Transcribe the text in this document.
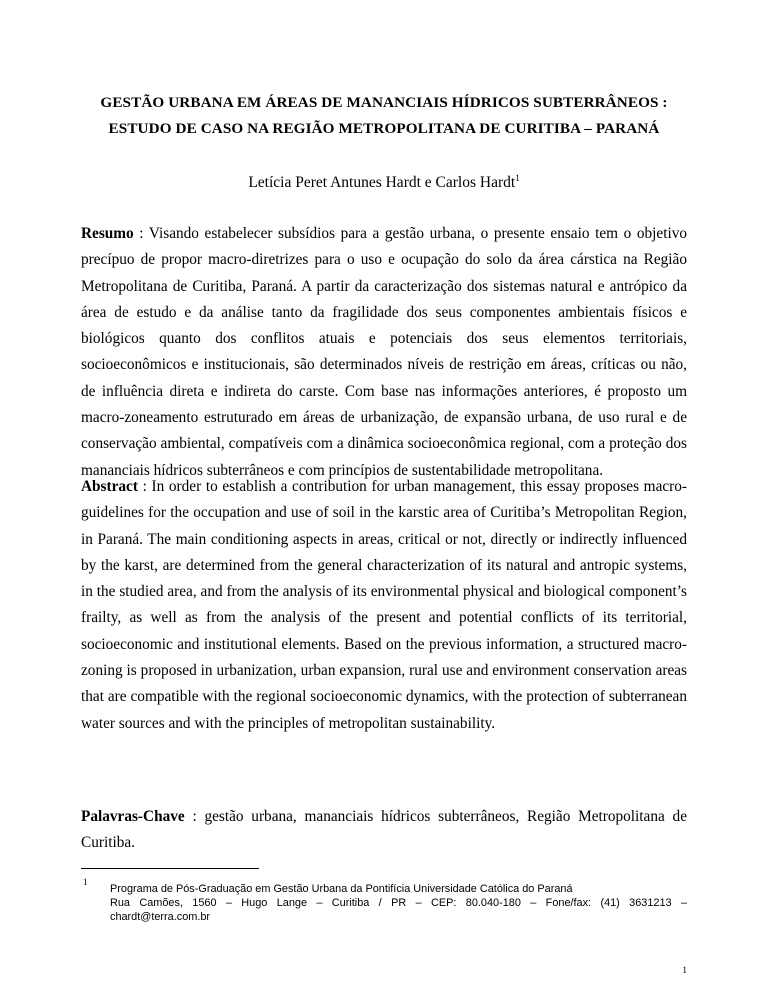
GESTÃO URBANA EM ÁREAS DE MANANCIAIS HÍDRICOS SUBTERRÂNEOS :
ESTUDO DE CASO NA REGIÃO METROPOLITANA DE CURITIBA – PARANÁ
Letícia Peret Antunes Hardt e Carlos Hardt$^1$
Resumo : Visando estabelecer subsídios para a gestão urbana, o presente ensaio tem o objetivo precípuo de propor macro-diretrizes para o uso e ocupação do solo da área cárstica na Região Metropolitana de Curitiba, Paraná. A partir da caracterização dos sistemas natural e antrópico da área de estudo e da análise tanto da fragilidade dos seus componentes ambientais físicos e biológicos quanto dos conflitos atuais e potenciais dos seus elementos territoriais, socioeconômicos e institucionais, são determinados níveis de restrição em áreas, críticas ou não, de influência direta e indireta do carste. Com base nas informações anteriores, é proposto um macro-zoneamento estruturado em áreas de urbanização, de expansão urbana, de uso rural e de conservação ambiental, compatíveis com a dinâmica socioeconômica regional, com a proteção dos mananciais hídricos subterrâneos e com princípios de sustentabilidade metropolitana.
Abstract : In order to establish a contribution for urban management, this essay proposes macro-guidelines for the occupation and use of soil in the karstic area of Curitiba’s Metropolitan Region, in Paraná. The main conditioning aspects in areas, critical or not, directly or indirectly influenced by the karst, are determined from the general characterization of its natural and antropic systems, in the studied area, and from the analysis of its environmental physical and biological component’s frailty, as well as from the analysis of the present and potential conflicts of its territorial, socioeconomic and institutional elements. Based on the previous information, a structured macro-zoning is proposed in urbanization, urban expansion, rural use and environment conservation areas that are compatible with the regional socioeconomic dynamics, with the protection of subterranean water sources and with the principles of metropolitan sustainability.
Palavras-Chave : gestão urbana, mananciais hídricos subterrâneos, Região Metropolitana de Curitiba.
1
Programa de Pós-Graduação em Gestão Urbana da Pontifícia Universidade Católica do Paraná
Rua Camões, 1560 – Hugo Lange – Curitiba / PR – CEP: 80.040-180 – Fone/fax: (41) 3631213 –
chardt@terra.com.br
1
